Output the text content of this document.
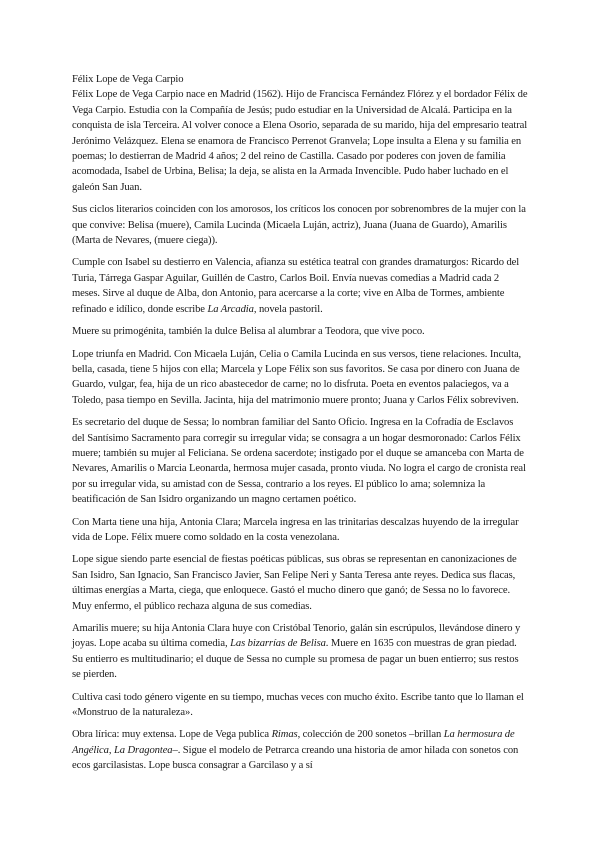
Félix Lope de Vega Carpio

Félix Lope de Vega Carpio nace en Madrid (1562). Hijo de Francisca Fernández Flórez y el bordador Félix de Vega Carpio. Estudia con la Compañía de Jesús; pudo estudiar en la Universidad de Alcalá. Participa en la conquista de isla Terceira. Al volver conoce a Elena Osorio, separada de su marido, hija del empresario teatral Jerónimo Velázquez. Elena se enamora de Francisco Perrenot Granvela; Lope insulta a Elena y su familia en poemas; lo destierran de Madrid 4 años; 2 del reino de Castilla. Casado por poderes con joven de familia acomodada, Isabel de Urbina, Belisa; la deja, se alista en la Armada Invencible. Pudo haber luchado en el galeón San Juan.

Sus ciclos literarios coinciden con los amorosos, los críticos los conocen por sobrenombres de la mujer con la que convive: Belisa (muere), Camila Lucinda (Micaela Luján, actriz), Juana (Juana de Guardo), Amarilis (Marta de Nevares, (muere ciega)).

Cumple con Isabel su destierro en Valencia, afianza su estética teatral con grandes dramaturgos: Ricardo del Turia, Tárrega Gaspar Aguilar, Guillén de Castro, Carlos Boil. Envía nuevas comedias a Madrid cada 2 meses. Sirve al duque de Alba, don Antonio, para acercarse a la corte; vive en Alba de Tormes, ambiente refinado e idílico, donde escribe La Arcadia, novela pastoril.

Muere su primogénita, también la dulce Belisa al alumbrar a Teodora, que vive poco.

Lope triunfa en Madrid. Con Micaela Luján, Celia o Camila Lucinda en sus versos, tiene relaciones. Inculta, bella, casada, tiene 5 hijos con ella; Marcela y Lope Félix son sus favoritos. Se casa por dinero con Juana de Guardo, vulgar, fea, hija de un rico abastecedor de carne; no lo disfruta. Poeta en eventos palaciegos, va a Toledo, pasa tiempo en Sevilla. Jacinta, hija del matrimonio muere pronto; Juana y Carlos Félix sobreviven.

Es secretario del duque de Sessa; lo nombran familiar del Santo Oficio. Ingresa en la Cofradía de Esclavos del Santísimo Sacramento para corregir su irregular vida; se consagra a un hogar desmoronado: Carlos Félix muere; también su mujer al Feliciana. Se ordena sacerdote; instigado por el duque se amanceba con Marta de Nevares, Amarilis o Marcia Leonarda, hermosa mujer casada, pronto viuda. No logra el cargo de cronista real por su irregular vida, su amistad con de Sessa, contrario a los reyes. El público lo ama; solemniza la beatificación de San Isidro organizando un magno certamen poético.

Con Marta tiene una hija, Antonia Clara; Marcela ingresa en las trinitarias descalzas huyendo de la irregular vida de Lope. Félix muere como soldado en la costa venezolana.

Lope sigue siendo parte esencial de fiestas poéticas públicas, sus obras se representan en canonizaciones de San Isidro, San Ignacio, San Francisco Javier, San Felipe Neri y Santa Teresa ante reyes. Dedica sus flacas, últimas energías a Marta, ciega, que enloquece. Gastó el mucho dinero que ganó; de Sessa no lo favorece. Muy enfermo, el público rechaza alguna de sus comedias.

Amarilis muere; su hija Antonia Clara huye con Cristóbal Tenorio, galán sin escrúpulos, llevándose dinero y joyas. Lope acaba su última comedia, Las bizarrías de Belisa. Muere en 1635 con muestras de gran piedad. Su entierro es multitudinario; el duque de Sessa no cumple su promesa de pagar un buen entierro; sus restos se pierden.

Cultiva casi todo género vigente en su tiempo, muchas veces con mucho éxito. Escribe tanto que lo llaman el «Monstruo de la naturaleza».

Obra lírica: muy extensa. Lope de Vega publica Rimas, colección de 200 sonetos –brillan La hermosura de Angélica, La Dragontea–. Sigue el modelo de Petrarca creando una historia de amor hilada con sonetos con ecos garcilasistas. Lope busca consagrar a Garcilaso y a sí
